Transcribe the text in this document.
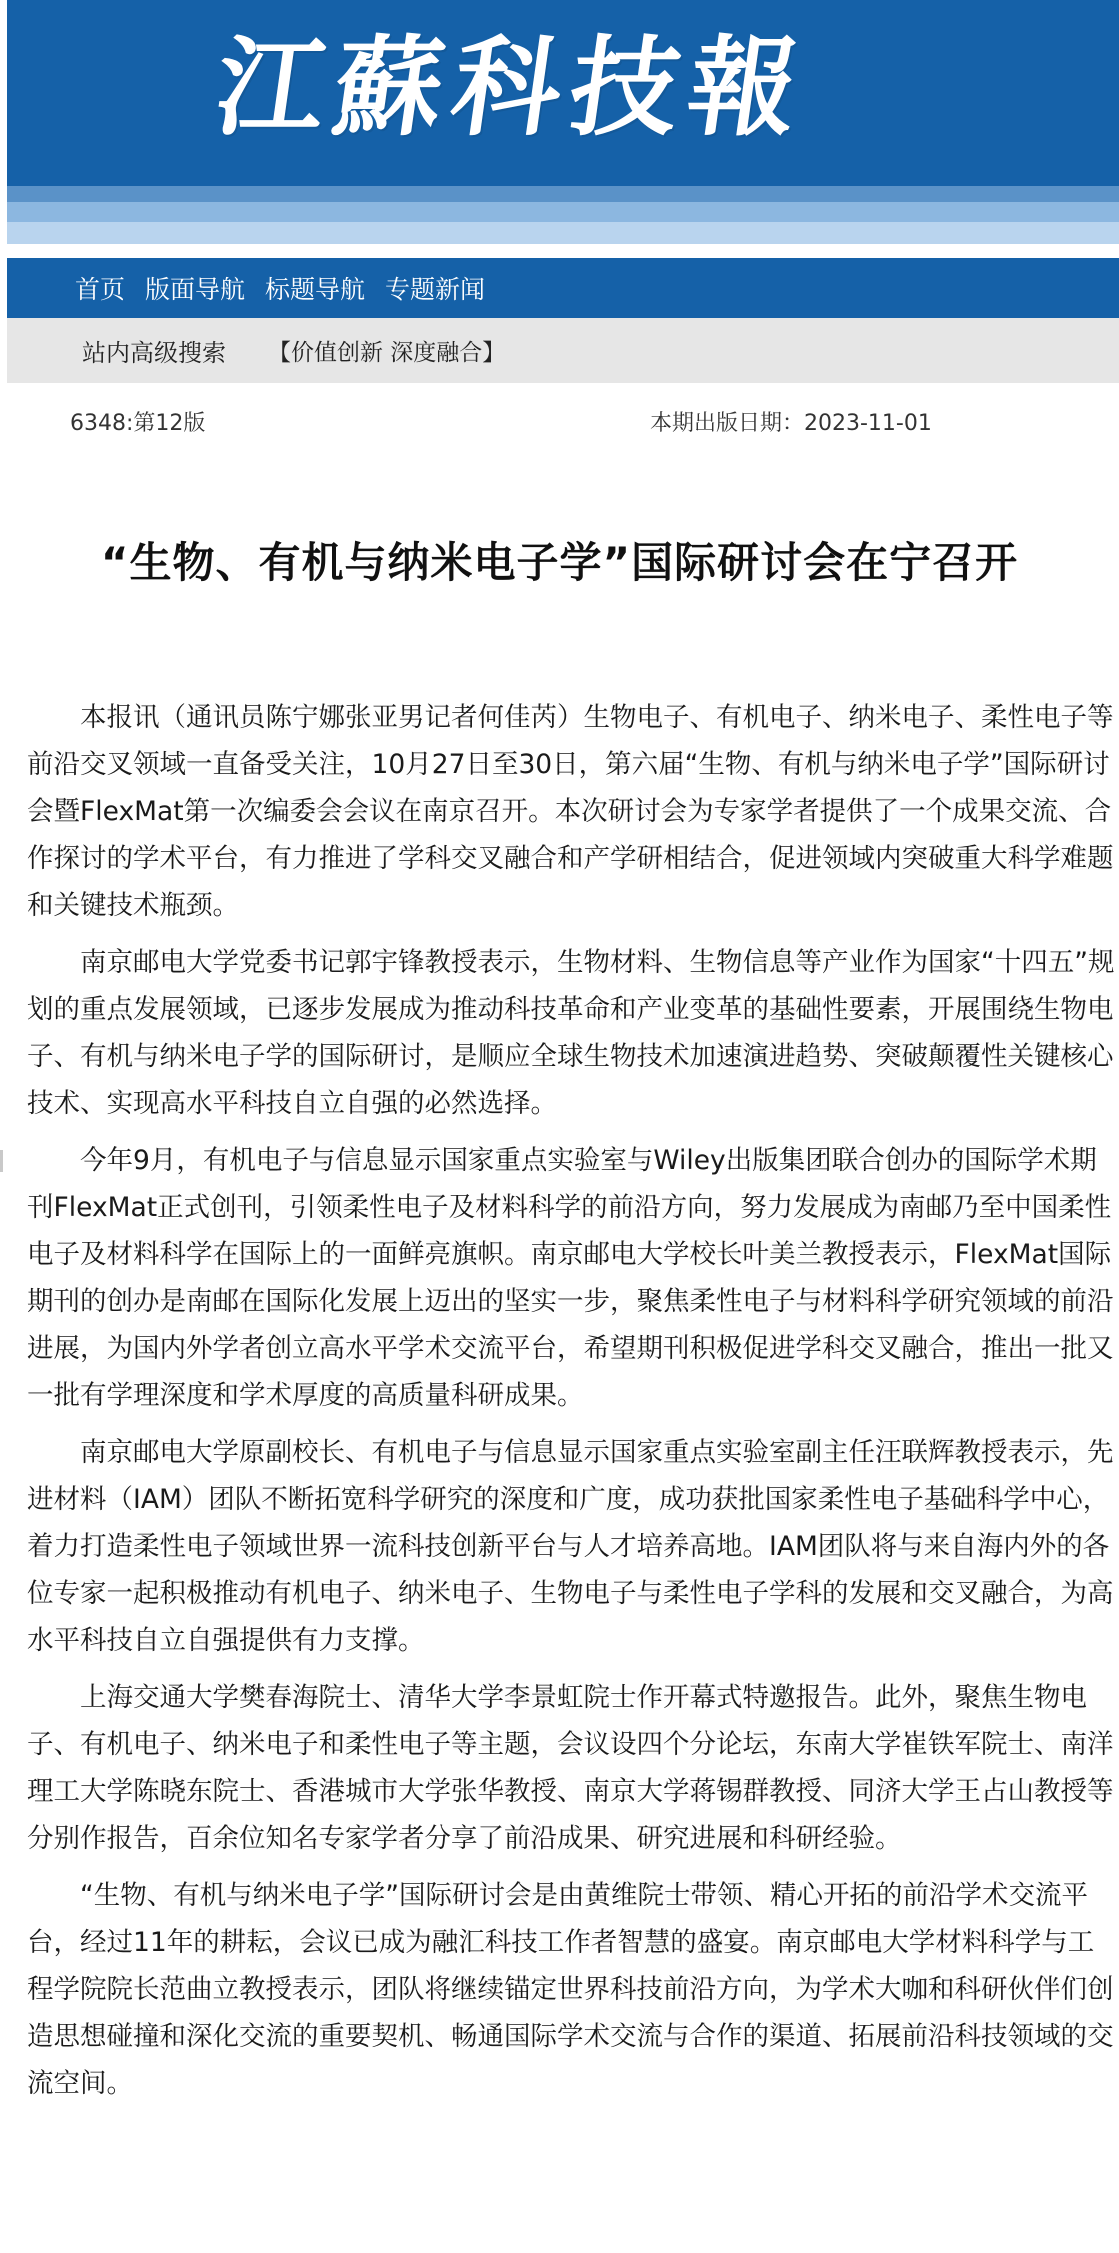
江蘇科技報
首页 版面导航 标题导航 专题新闻
站内高级搜索 【价值创新 深度融合】
6348:第12版	本期出版日期：2023-11-01
“生物、有机与纳米电子学”国际研讨会在宁召开

本报讯（通讯员陈宁娜张亚男记者何佳芮）生物电子、有机电子、纳米电子、柔性电子等前沿交叉领域一直备受关注，10月27日至30日，第六届“生物、有机与纳米电子学”国际研讨会暨FlexMat第一次编委会会议在南京召开。本次研讨会为专家学者提供了一个成果交流、合作探讨的学术平台，有力推进了学科交叉融合和产学研相结合，促进领域内突破重大科学难题和关键技术瓶颈。

南京邮电大学党委书记郭宇锋教授表示，生物材料、生物信息等产业作为国家“十四五”规划的重点发展领域，已逐步发展成为推动科技革命和产业变革的基础性要素，开展围绕生物电子、有机与纳米电子学的国际研讨，是顺应全球生物技术加速演进趋势、突破颠覆性关键核心技术、实现高水平科技自立自强的必然选择。

今年9月，有机电子与信息显示国家重点实验室与Wiley出版集团联合创办的国际学术期刊FlexMat正式创刊，引领柔性电子及材料科学的前沿方向，努力发展成为南邮乃至中国柔性电子及材料科学在国际上的一面鲜亮旗帜。南京邮电大学校长叶美兰教授表示，FlexMat国际期刊的创办是南邮在国际化发展上迈出的坚实一步，聚焦柔性电子与材料科学研究领域的前沿进展，为国内外学者创立高水平学术交流平台，希望期刊积极促进学科交叉融合，推出一批又一批有学理深度和学术厚度的高质量科研成果。

南京邮电大学原副校长、有机电子与信息显示国家重点实验室副主任汪联辉教授表示，先进材料（IAM）团队不断拓宽科学研究的深度和广度，成功获批国家柔性电子基础科学中心，着力打造柔性电子领域世界一流科技创新平台与人才培养高地。IAM团队将与来自海内外的各位专家一起积极推动有机电子、纳米电子、生物电子与柔性电子学科的发展和交叉融合，为高水平科技自立自强提供有力支撑。

上海交通大学樊春海院士、清华大学李景虹院士作开幕式特邀报告。此外，聚焦生物电子、有机电子、纳米电子和柔性电子等主题，会议设四个分论坛，东南大学崔铁军院士、南洋理工大学陈晓东院士、香港城市大学张华教授、南京大学蒋锡群教授、同济大学王占山教授等分别作报告，百余位知名专家学者分享了前沿成果、研究进展和科研经验。

“生物、有机与纳米电子学”国际研讨会是由黄维院士带领、精心开拓的前沿学术交流平台，经过11年的耕耘，会议已成为融汇科技工作者智慧的盛宴。南京邮电大学材料科学与工程学院院长范曲立教授表示，团队将继续锚定世界科技前沿方向，为学术大咖和科研伙伴们创造思想碰撞和深化交流的重要契机、畅通国际学术交流与合作的渠道、拓展前沿科技领域的交流空间。
